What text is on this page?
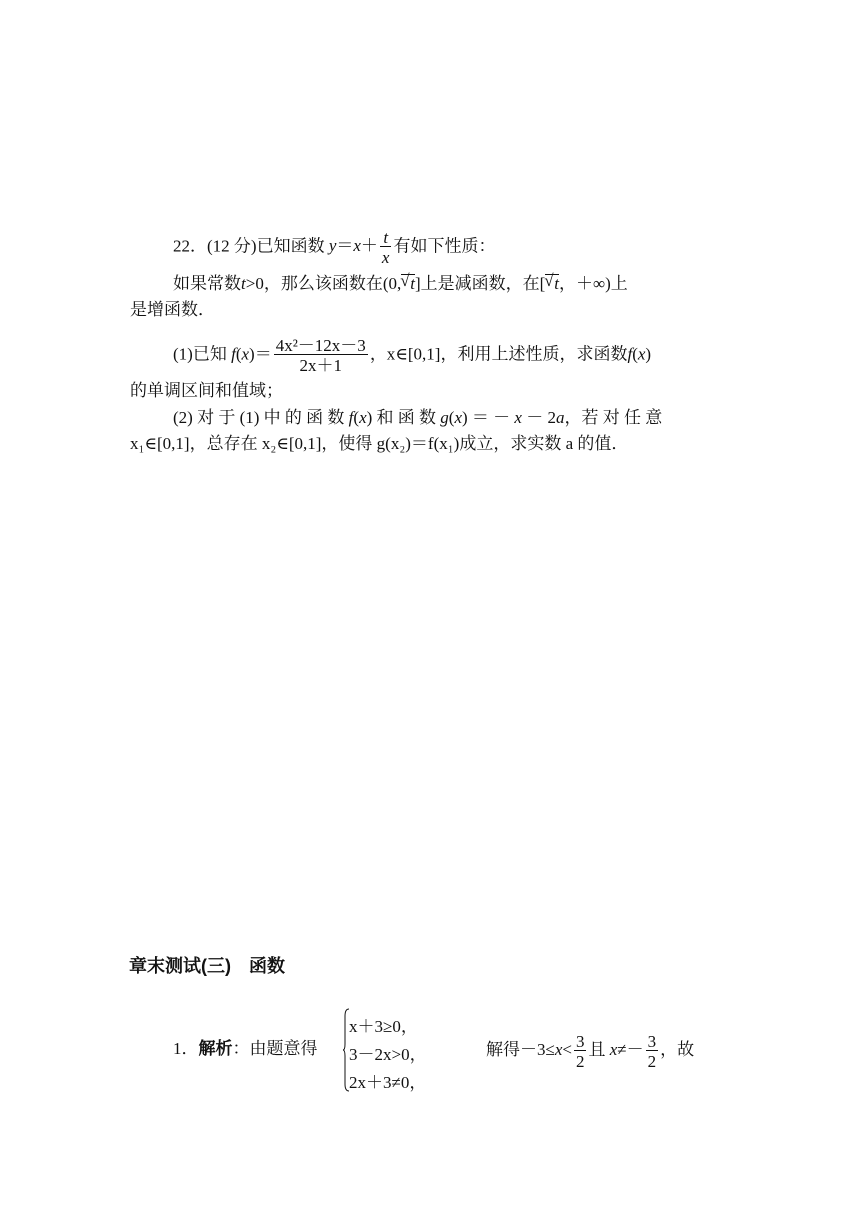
22．(12 分)已知函数 $y=x+ \frac{t}{x}$ 有如下性质：
如果常数t>0，那么该函数在(0, √ t]上是减函数，在[ √ t，＋∞)上
是增函数．
(1)已知 $f(x)= \frac{\text{4x²－12x－3}}{2x+1}$ ，x∈[0,1]，利用上述性质，求函数f(x)
的单调区间和值域；
(2) 对 于 (1) 中 的 函 数 f(x) 和 函 数 g(x) ＝ － x － 2a，若 对 任 意
x₁∈[0,1]，总存在 x₂∈[0,1]，使得 g(x₂)＝f(x₁)成立，求实数 a 的值．
章末测试(三)　函数
1．解析：由题意得
x＋3≥0，
3－2x>0，
2x＋3≠0，
解得$-3\le x< \frac{3}{2}$ 且 $x\ne- \frac{3}{2}$ ，故
